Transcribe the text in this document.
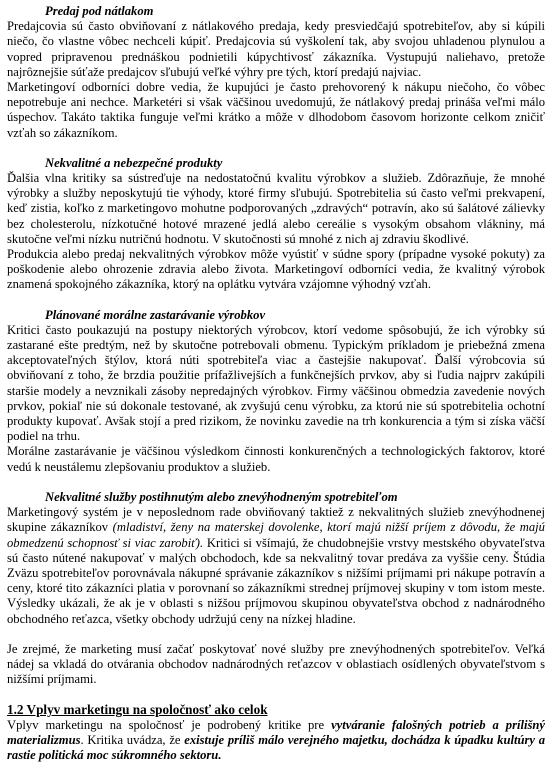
Predaj pod nátlakom

Predajcovia sú často obviňovaní z nátlakového predaja, kedy presviedčajú spotrebiteľov, aby si kúpili niečo, čo vlastne vôbec nechceli kúpiť. Predajcovia sú vyškolení tak, aby svojou uhladenou plynulou a vopred pripravenou prednáškou podnietili kúpychtivosť zákazníka. Vystupujú naliehavo, pretože najrôznejšie súťaže predajcov sľubujú veľké výhry pre tých, ktorí predajú najviac.

Marketingoví odborníci dobre vedia, že kupujúci je často prehovorený k nákupu niečoho, čo vôbec nepotrebuje ani nechce. Marketéri si však väčšinou uvedomujú, že nátlakový predaj prináša veľmi málo úspechov. Takáto taktika funguje veľmi krátko a môže v dlhodobom časovom horizonte celkom zničiť vzťah so zákazníkom.

Nekvalitné a nebezpečné produkty

Ďalšia vlna kritiky sa sústreďuje na nedostatočnú kvalitu výrobkov a služieb. Zdôrazňuje, že mnohé výrobky a služby neposkytujú tie výhody, ktoré firmy sľubujú. Spotrebitelia sú často veľmi prekvapení, keď zistia, koľko z marketingovo mohutne podporovaných „zdravých“ potravín, ako sú šalátové zálievky bez cholesterolu, nízkotučné hotové mrazené jedlá alebo cereálie s vysokým obsahom vlákniny, má skutočne veľmi nízku nutričnú hodnotu. V skutočnosti sú mnohé z nich aj zdraviu škodlivé.

Produkcia alebo predaj nekvalitných výrobkov môže vyústiť v súdne spory (prípadne vysoké pokuty) za poškodenie alebo ohrozenie zdravia alebo života. Marketingoví odborníci vedia, že kvalitný výrobok znamená spokojného zákazníka, ktorý na oplátku vytvára vzájomne výhodný vzťah.

Plánované morálne zastarávanie výrobkov

Kritici často poukazujú na postupy niektorých výrobcov, ktorí vedome spôsobujú, že ich výrobky sú zastarané ešte predtým, než by skutočne potrebovali obmenu. Typickým príkladom je priebežná zmena akceptovateľných štýlov, ktorá núti spotrebiteľa viac a častejšie nakupovať. Ďalší výrobcovia sú obviňovaní z toho, že brzdia použitie prífažlivejších a funkčnejších prvkov, aby si ľudia najprv zakúpili staršie modely a nevznikali zásoby nepredajných výrobkov. Firmy väčšinou obmedzia zavedenie nových prvkov, pokiaľ nie sú dokonale testované, ak zvyšujú cenu výrobku, za ktorú nie sú spotrebitelia ochotní produkty kupovať. Avšak stojí a pred rizikom, že novinku zavedie na trh konkurencia a tým si získa väčší podiel na trhu.

Morálne zastarávanie je väčšinou výsledkom činnosti konkurenčných a technologických faktorov, ktoré vedú k neustálemu zlepšovaniu produktov a služieb.

Nekvalitné služby postihnutým alebo znevýhodneným spotrebiteľom

Marketingový systém je v neposlednom rade obviňovaný taktiež z nekvalitných služieb znevýhodnenej skupine zákazníkov (mladiství, ženy na materskej dovolenke, ktorí majú nižší príjem z dôvodu, že majú obmedzenú schopnosť si viac zarobiť). Kritici si všímajú, že chudobnejšie vrstvy mestského obyvateľstva sú často nútené nakupovať v malých obchodoch, kde sa nekvalitný tovar predáva za vyššie ceny. Štúdia Zväzu spotrebiteľov porovnávala nákupné správanie zákazníkov s nižšími príjmami pri nákupe potravín a ceny, ktoré tito zákazníci platia v porovnaní so zákazníkmi strednej príjmovej skupiny v tom istom meste. Výsledky ukázali, že ak je v oblasti s nižšou príjmovou skupinou obyvateľstva obchod z nadnárodného obchodného reťazca, všetky obchody udržujú ceny na nízkej hladine.

Je zrejmé, že marketing musí začať poskytovať nové služby pre znevýhodnených spotrebiteľov. Veľká nádej sa vkladá do otvárania obchodov nadnárodných reťazcov v oblastiach osídlených obyvateľstvom s nižšími príjmami.

1.2 Vplyv marketingu na spoločnosť ako celok

Vplyv marketingu na spoločnosť je podrobený kritike pre vytváranie falošných potrieb a prílišný materializmus. Kritika uvádza, že existuje príliš málo verejného majetku, dochádza k úpadku kultúry a rastie politická moc súkromného sektoru.
